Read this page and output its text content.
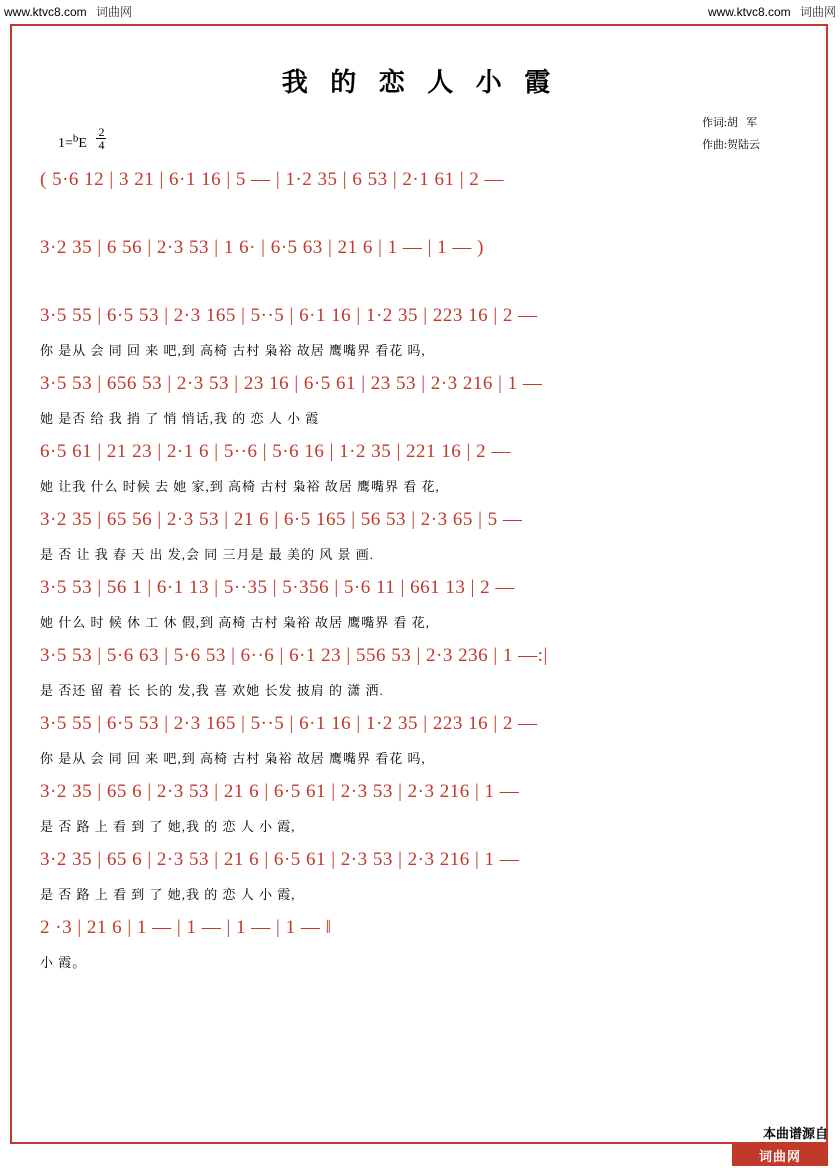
www.ktvc8.com 词曲网	www.ktvc8.com 词曲网
我 的 恋 人 小 霞
作词:胡   军
作曲:贺陆云
$1=^bE \frac{2}{4}$
( 5·6 12 | 3 21 | 6·1 16 | 5 — | 1·2 35 | 6 53 | 2·1 61 | 2 —
3·2 35 | 6 56 | 2·3 53 | 1 6· | 6·5 63 | 21 6 | 1 — | 1 — )
3·5 55 | 6·5 53 | 2·3 165 | 5··5 | 6·1 16 | 1·2 35 | 223 16 | 2 —
你 是从 会 同 回 来 吧,到 高椅 古村 枭裕 故居 鹰嘴界 看花 吗,
3·5 53 | 656 53 | 2·3 53 | 23 16 | 6·5 61 | 23 53 | 2·3 216 | 1 —
她 是否 给 我 捎 了 悄 悄话,我 的 恋 人 小 霞
6·5 61 | 21 23 | 2·1 6 | 5··6 | 5·6 16 | 1·2 35 | 221 16 | 2 —
她 让我 什么 时候 去 她 家,到 高椅 古村 枭裕 故居 鹰嘴界 看 花,
3·2 35 | 65 56 | 2·3 53 | 21 6 | 6·5 165 | 56 53 | 2·3 65 | 5 —
是 否 让 我 春 天 出 发,会 同 三月是 最 美的 风 景 画.
3·5 53 | 56 1 | 6·1 13 | 5··35 | 5·356 | 5·6 11 | 661 13 | 2 —
她 什么 时 候 休 工 休 假,到 高椅 古村 枭裕 故居 鹰嘴界 看 花,
3·5 53 | 5·6 63 | 5·6 53 | 6··6 | 6·1 23 | 556 53 | 2·3 236 | 1 —:|
是 否还 留 着 长 长的 发,我 喜 欢她 长发 披肩 的 潇 洒.
3·5 55 | 6·5 53 | 2·3 165 | 5··5 | 6·1 16 | 1·2 35 | 223 16 | 2 —
你 是从 会 同 回 来 吧,到 高椅 古村 枭裕 故居 鹰嘴界 看花 吗,
3·2 35 | 65 6 | 2·3 53 | 21 6 | 6·5 61 | 2·3 53 | 2·3 216 | 1 —
是 否 路 上 看 到 了 她,我 的 恋 人 小 霞,
3·2 35 | 65 6 | 2·3 53 | 21 6 | 6·5 61 | 2·3 53 | 2·3 216 | 1 —
是 否 路 上 看 到 了 她,我 的 恋 人 小 霞,
2 ·3 | 21 6 | 1 — | 1 — | 1 — | 1 — ‖
小 霞。
本曲谱源自
词曲网
